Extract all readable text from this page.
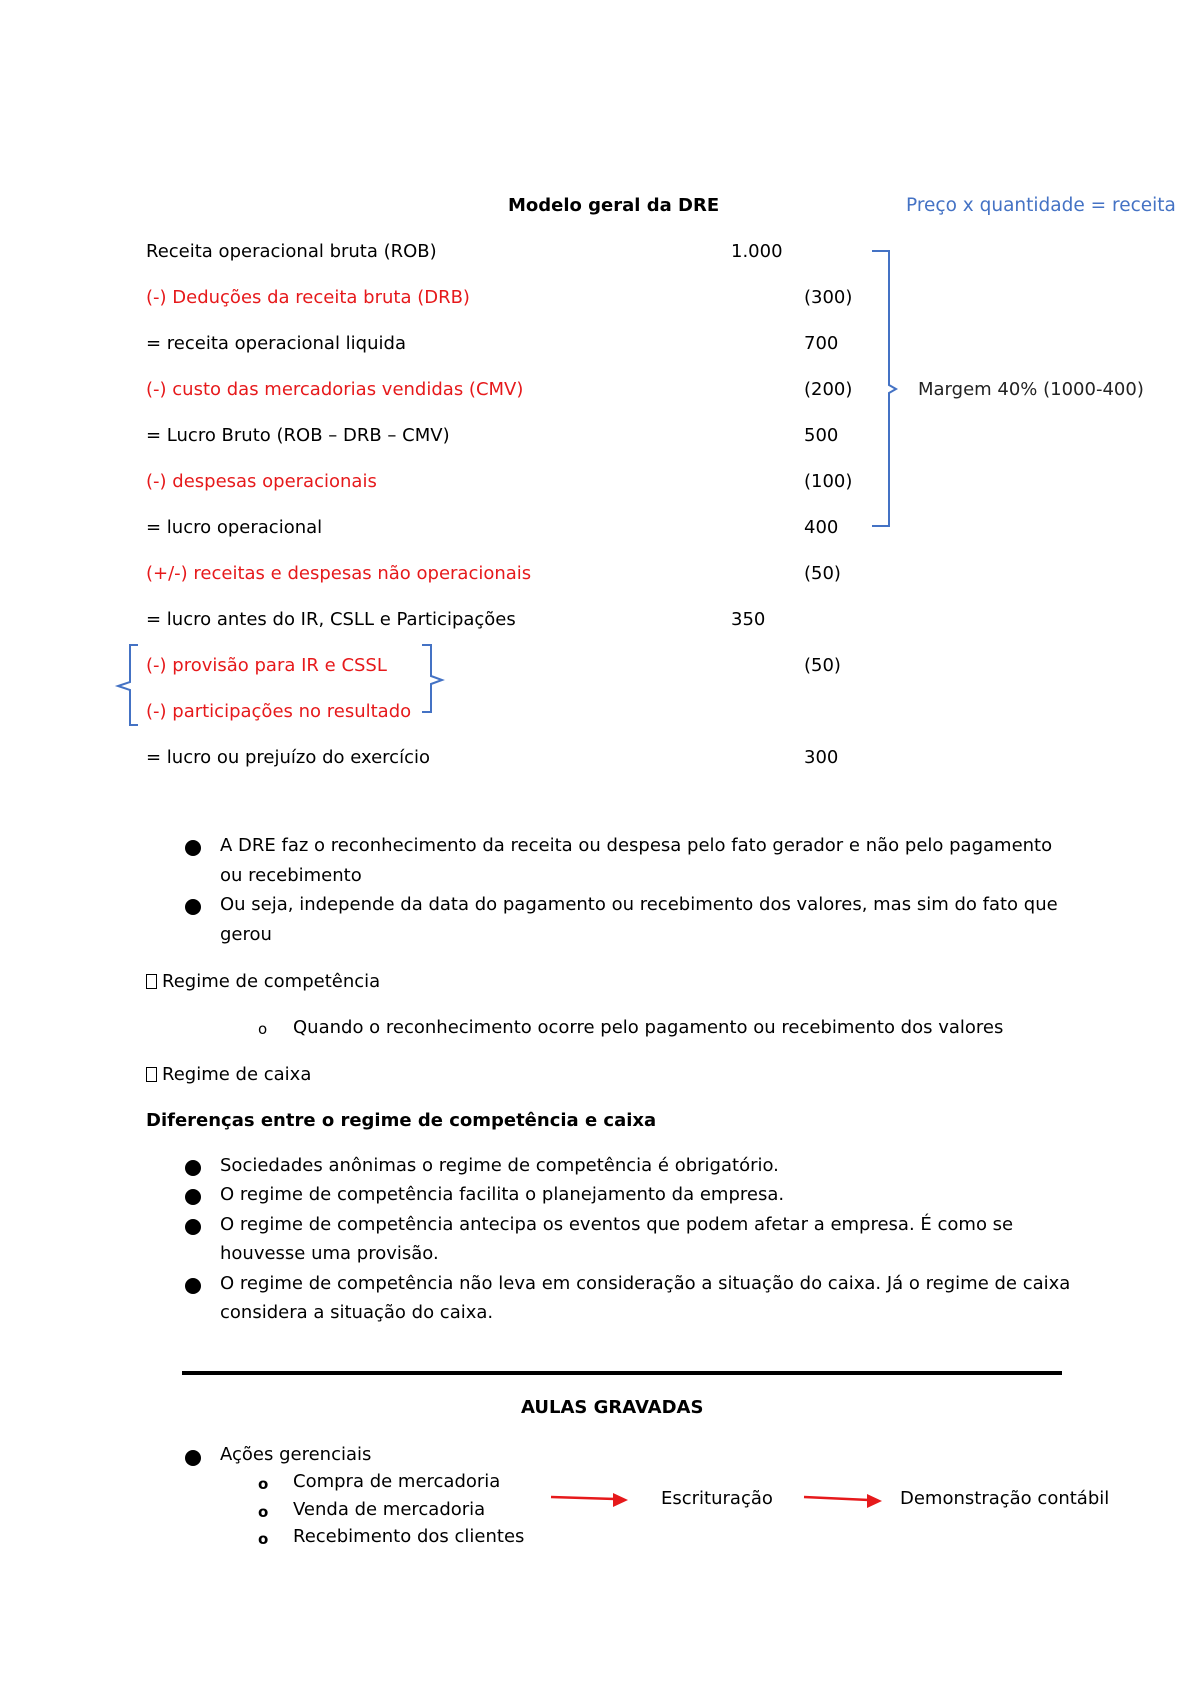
Modelo geral da DRE	Preço x quantidade = receita
Receita operacional bruta (ROB)	1.000
(-) Deduções da receita bruta (DRB)	(300)
= receita operacional liquida	700
(-) custo das mercadorias vendidas (CMV)	(200)
= Lucro Bruto (ROB – DRB – CMV)	500
(-) despesas operacionais	(100)
= lucro operacional	400
(+/-) receitas e despesas não operacionais	(50)
= lucro antes do IR, CSLL e Participações	350
(-) provisão para IR e CSSL	(50)
(-) participações no resultado
= lucro ou prejuízo do exercício	300
Margem 40% (1000-400)
A DRE faz o reconhecimento da receita ou despesa pelo fato gerador e não pelo pagamento
ou recebimento
Ou seja, independe da data do pagamento ou recebimento dos valores, mas sim do fato que
gerou
Regime de competência
o Quando o reconhecimento ocorre pelo pagamento ou recebimento dos valores
Regime de caixa
Diferenças entre o regime de competência e caixa
Sociedades anônimas o regime de competência é obrigatório.
O regime de competência facilita o planejamento da empresa.
O regime de competência antecipa os eventos que podem afetar a empresa. É como se
houvesse uma provisão.
O regime de competência não leva em consideração a situação do caixa. Já o regime de caixa
considera a situação do caixa.
AULAS GRAVADAS
Ações gerenciais
o Compra de mercadoria
o Venda de mercadoria
o Recebimento dos clientes
Escrituração	Demonstração contábil
